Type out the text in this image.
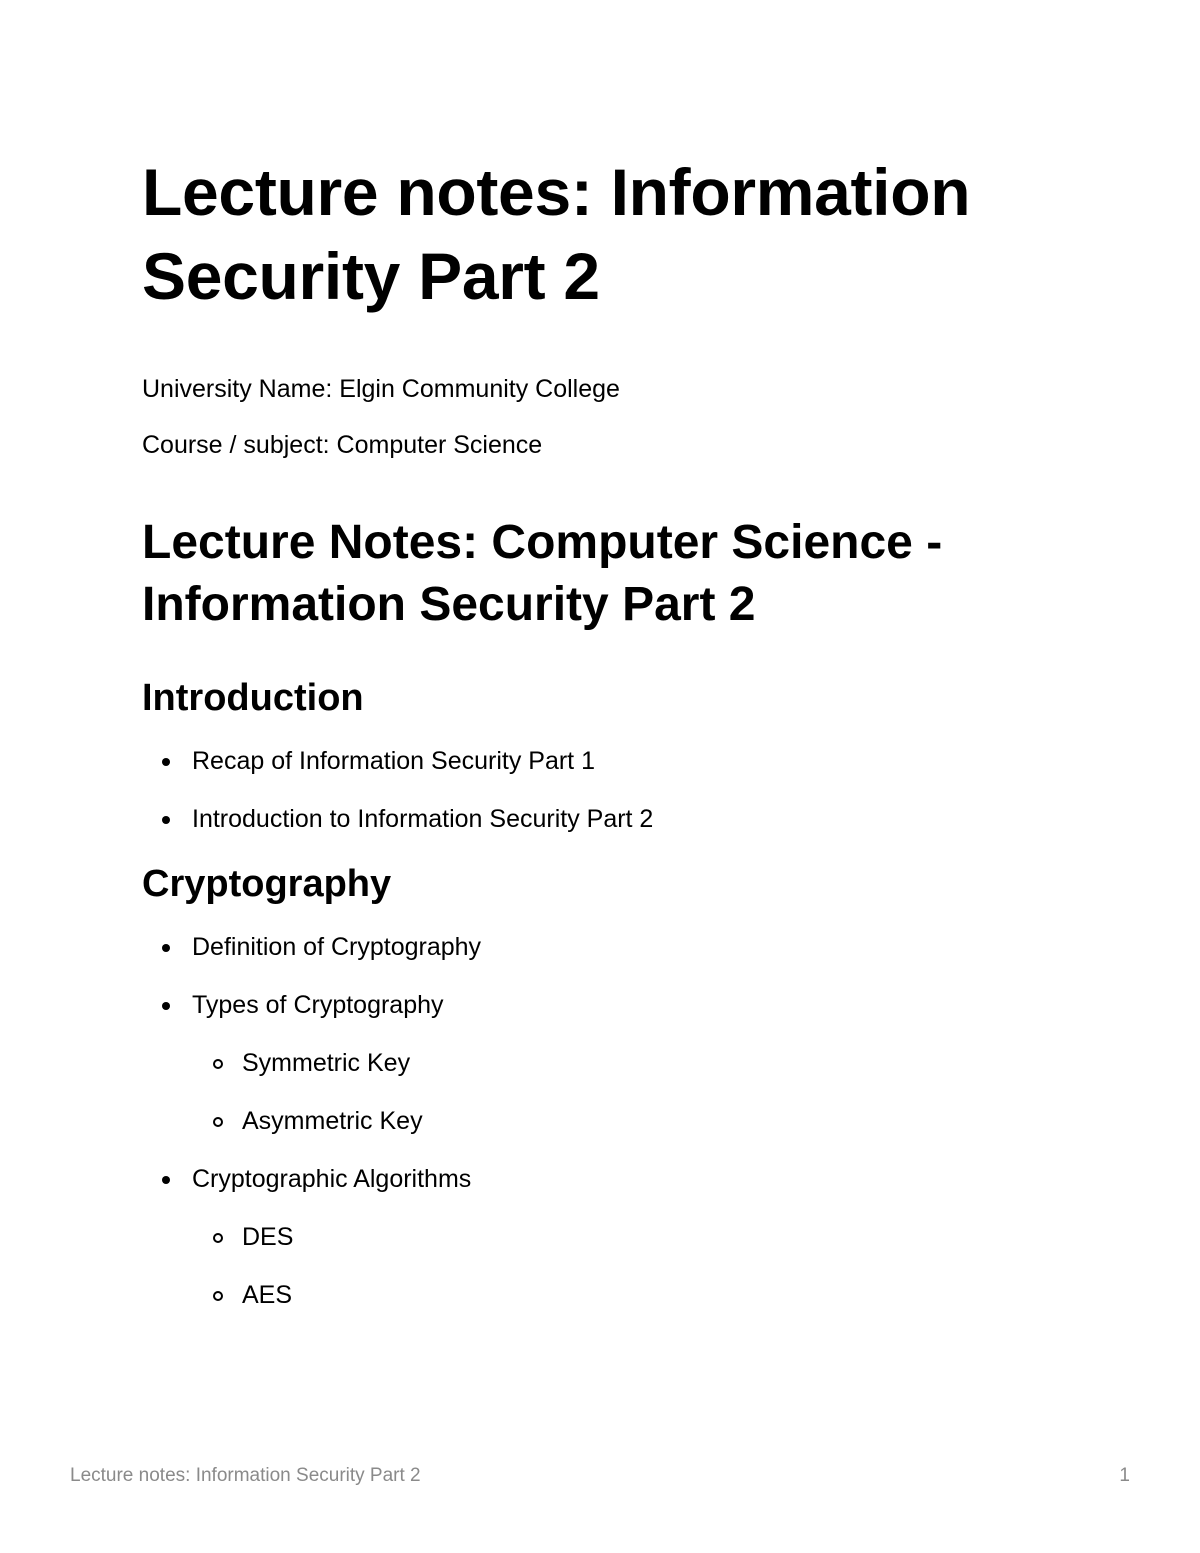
Lecture notes: Information Security Part 2

University Name: Elgin Community College

Course / subject: Computer Science

Lecture Notes: Computer Science - Information Security Part 2
Introduction
Recap of Information Security Part 1
Introduction to Information Security Part 2
Cryptography
Definition of Cryptography
Types of Cryptography
Symmetric Key
Asymmetric Key
Cryptographic Algorithms
DES
AES
Lecture notes: Information Security Part 2	1
